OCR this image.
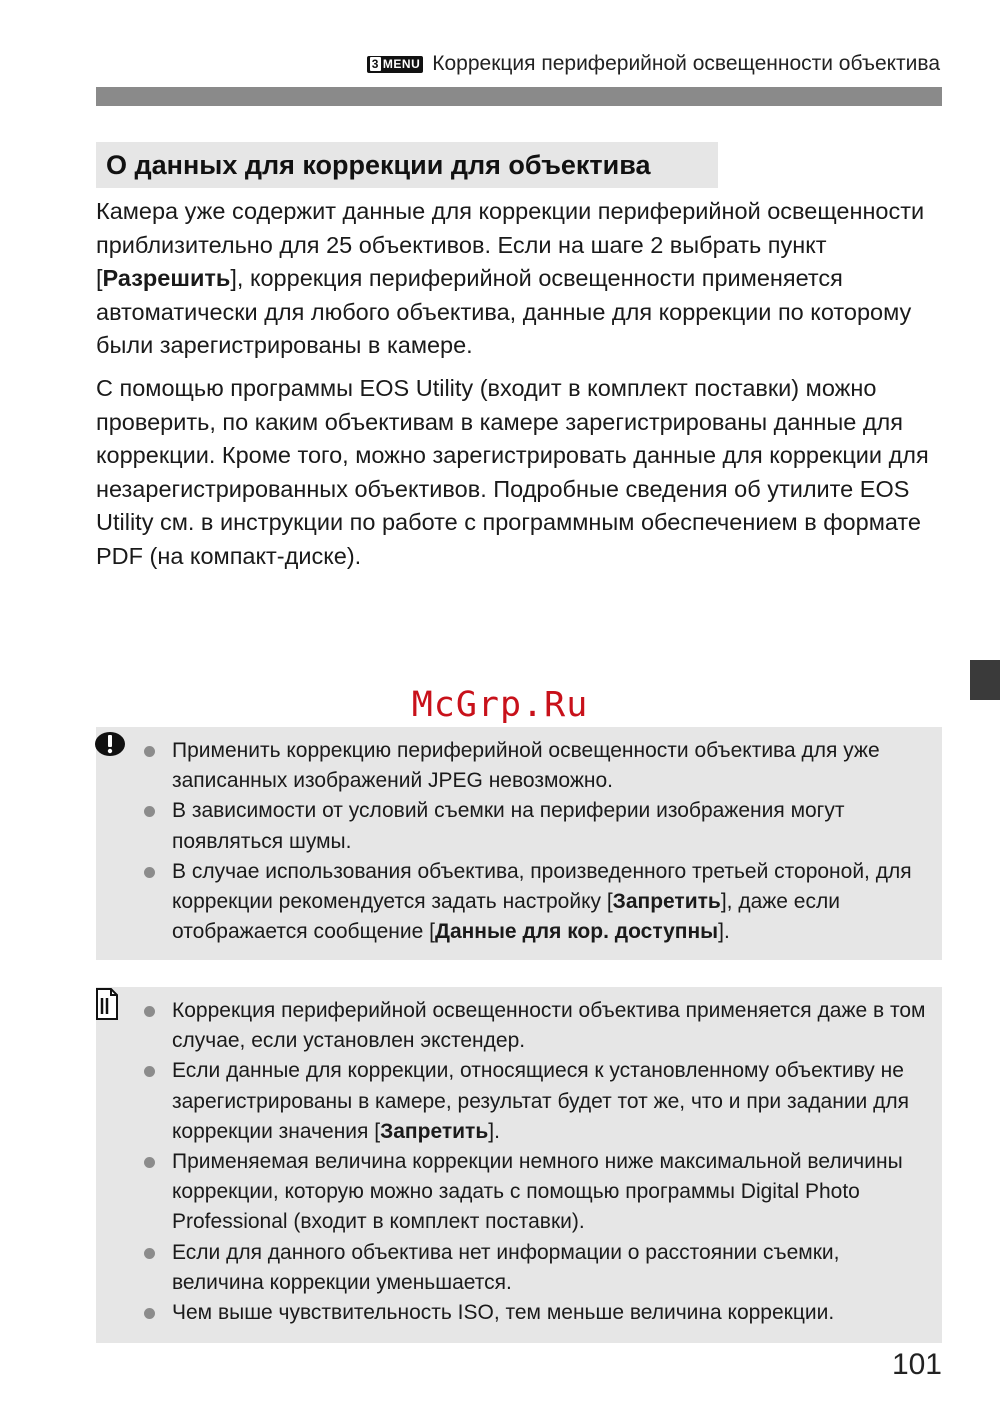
3 MENU Коррекция периферийной освещенности объектива
О данных для коррекции для объектива

Камера уже содержит данные для коррекции периферийной освещенности приблизительно для 25 объективов. Если на шаге 2 выбрать пункт [Разрешить], коррекция периферийной освещенности применяется автоматически для любого объектива, данные для коррекции по которому были зарегистрированы в камере.

С помощью программы EOS Utility (входит в комплект поставки) можно проверить, по каким объективам в камере зарегистрированы данные для коррекции. Кроме того, можно зарегистрировать данные для коррекции для незарегистрированных объективов. Подробные сведения об утилите EOS Utility см. в инструкции по работе с программным обеспечением в формате PDF (на компакт-диске).

McGrp.Ru
Применить коррекцию периферийной освещенности объектива для уже записанных изображений JPEG невозможно.
В зависимости от условий съемки на периферии изображения могут появляться шумы.
В случае использования объектива, произведенного третьей стороной, для коррекции рекомендуется задать настройку [Запретить], даже если отображается сообщение [Данные для кор. доступны].
Коррекция периферийной освещенности объектива применяется даже в том случае, если установлен экстендер.
Если данные для коррекции, относящиеся к установленному объективу не зарегистрированы в камере, результат будет тот же, что и при задании для коррекции значения [Запретить].
Применяемая величина коррекции немного ниже максимальной величины коррекции, которую можно задать с помощью программы Digital Photo Professional (входит в комплект поставки).
Если для данного объектива нет информации о расстоянии съемки, величина коррекции уменьшается.
Чем выше чувствительность ISO, тем меньше величина коррекции.
101
